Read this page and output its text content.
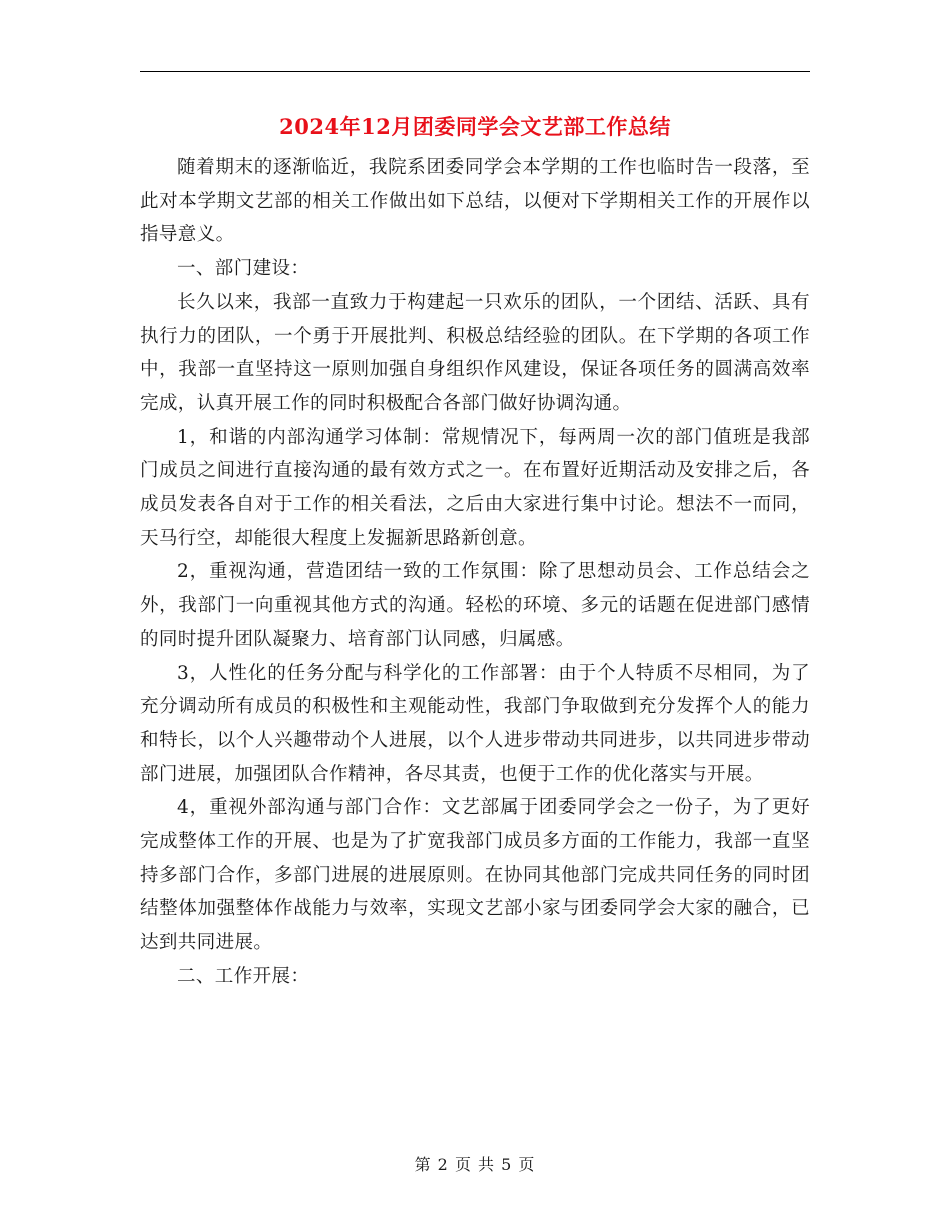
2024年12月团委同学会文艺部工作总结

随着期末的逐渐临近，我院系团委同学会本学期的工作也临时告一段落，至此对本学期文艺部的相关工作做出如下总结，以便对下学期相关工作的开展作以指导意义。

一、部门建设：

长久以来，我部一直致力于构建起一只欢乐的团队，一个团结、活跃、具有执行力的团队，一个勇于开展批判、积极总结经验的团队。在下学期的各项工作中，我部一直坚持这一原则加强自身组织作风建设，保证各项任务的圆满高效率完成，认真开展工作的同时积极配合各部门做好协调沟通。

1，和谐的内部沟通学习体制：常规情况下，每两周一次的部门值班是我部门成员之间进行直接沟通的最有效方式之一。在布置好近期活动及安排之后，各成员发表各自对于工作的相关看法，之后由大家进行集中讨论。想法不一而同，天马行空，却能很大程度上发掘新思路新创意。

2，重视沟通，营造团结一致的工作氛围：除了思想动员会、工作总结会之外，我部门一向重视其他方式的沟通。轻松的环境、多元的话题在促进部门感情的同时提升团队凝聚力、培育部门认同感，归属感。

3，人性化的任务分配与科学化的工作部署：由于个人特质不尽相同，为了充分调动所有成员的积极性和主观能动性，我部门争取做到充分发挥个人的能力和特长，以个人兴趣带动个人进展，以个人进步带动共同进步，以共同进步带动部门进展，加强团队合作精神，各尽其责，也便于工作的优化落实与开展。

4，重视外部沟通与部门合作：文艺部属于团委同学会之一份子，为了更好完成整体工作的开展、也是为了扩宽我部门成员多方面的工作能力，我部一直坚持多部门合作，多部门进展的进展原则。在协同其他部门完成共同任务的同时团结整体加强整体作战能力与效率，实现文艺部小家与团委同学会大家的融合，已达到共同进展。

二、工作开展：

第 2 页 共 5 页
